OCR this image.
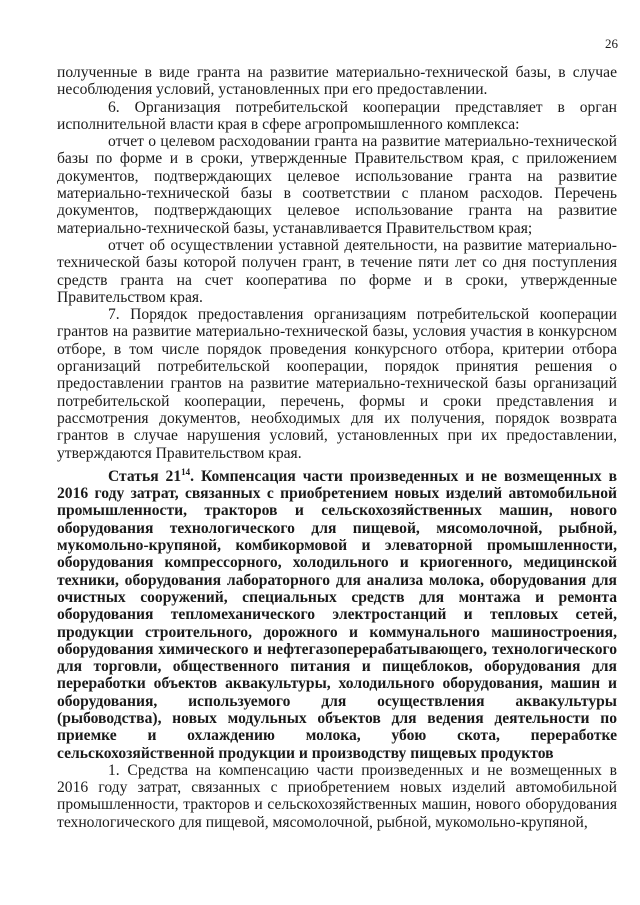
26

полученные в виде гранта на развитие материально-технической базы, в случае несоблюдения условий, установленных при его предоставлении.

6. Организация потребительской кооперации представляет в орган исполнительной власти края в сфере агропромышленного комплекса:

отчет о целевом расходовании гранта на развитие материально-технической базы по форме и в сроки, утвержденные Правительством края, с приложением документов, подтверждающих целевое использование гранта на развитие материально-технической базы в соответствии с планом расходов. Перечень документов, подтверждающих целевое использование гранта на развитие материально-технической базы, устанавливается Правительством края;

отчет об осуществлении уставной деятельности, на развитие материально-технической базы которой получен грант, в течение пяти лет со дня поступления средств гранта на счет кооператива по форме и в сроки, утвержденные Правительством края.

7. Порядок предоставления организациям потребительской кооперации грантов на развитие материально-технической базы, условия участия в конкурсном отборе, в том числе порядок проведения конкурсного отбора, критерии отбора организаций потребительской кооперации, порядок принятия решения о предоставлении грантов на развитие материально-технической базы организаций потребительской кооперации, перечень, формы и сроки представления и рассмотрения документов, необходимых для их получения, порядок возврата грантов в случае нарушения условий, установленных при их предоставлении, утверждаются Правительством края.

Статья $21^{14}$. Компенсация части произведенных и не возмещенных в 2016 году затрат, связанных с приобретением новых изделий автомобильной промышленности, тракторов и сельскохозяйственных машин, нового оборудования технологического для пищевой, мясомолочной, рыбной, мукомольно-крупяной, комбикормовой и элеваторной промышленности, оборудования компрессорного, холодильного и криогенного, медицинской техники, оборудования лабораторного для анализа молока, оборудования для очистных сооружений, специальных средств для монтажа и ремонта оборудования тепломеханического электростанций и тепловых сетей, продукции строительного, дорожного и коммунального машиностроения, оборудования химического и нефтегазоперерабатывающего, технологического для торговли, общественного питания и пищеблоков, оборудования для переработки объектов аквакультуры, холодильного оборудования, машин и оборудования, используемого для осуществления аквакультуры (рыбоводства), новых модульных объектов для ведения деятельности по приемке и охлаждению молока, убою скота, переработке сельскохозяйственной продукции и производству пищевых продуктов

1. Средства на компенсацию части произведенных и не возмещенных в 2016 году затрат, связанных с приобретением новых изделий автомобильной промышленности, тракторов и сельскохозяйственных машин, нового оборудования технологического для пищевой, мясомолочной, рыбной, мукомольно-крупяной,
